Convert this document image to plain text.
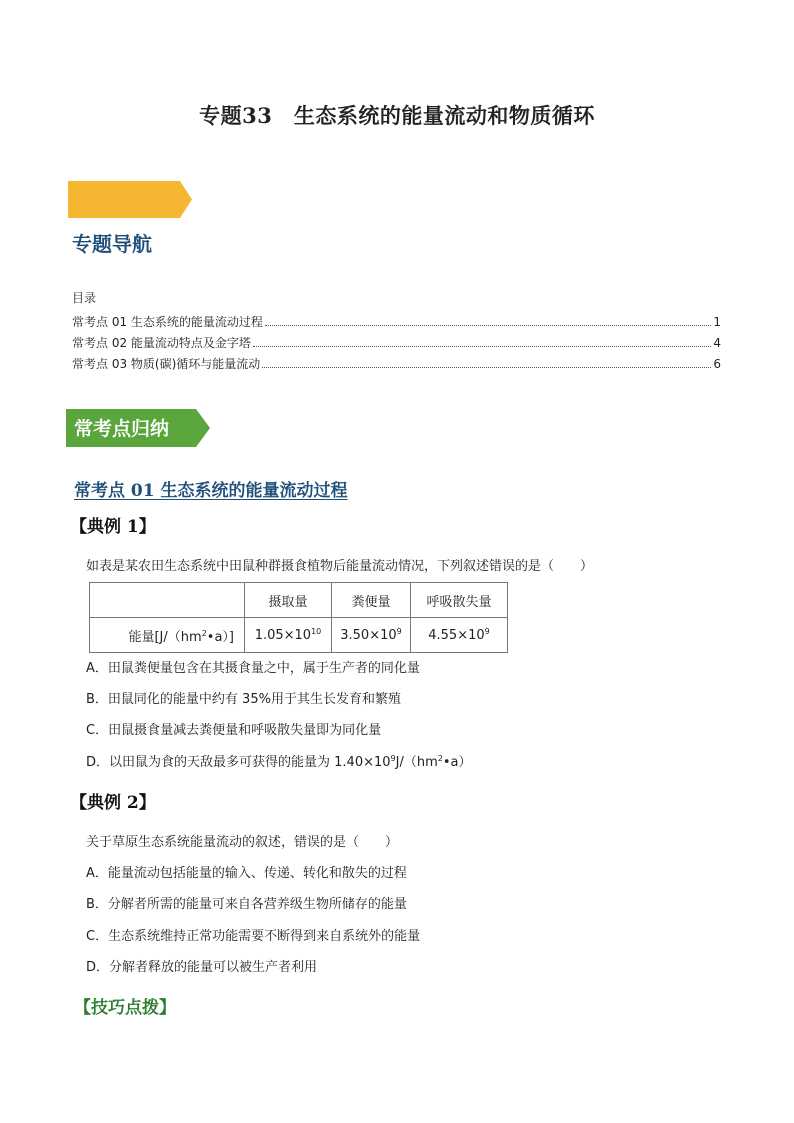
专题33　生态系统的能量流动和物质循环
专题导航
目录
常考点 01 生态系统的能量流动过程	1
常考点 02 能量流动特点及金字塔	4
常考点 03 物质(碳)循环与能量流动	6
常考点归纳
常考点 01 生态系统的能量流动过程
【典例 1】
如表是某农田生态系统中田鼠种群摄食植物后能量流动情况，下列叙述错误的是（　　）
	摄取量	粪便量	呼吸散失量
能量$[J/(hm^2•a)]$	$1.05\times 10^{10}$	$3.50\times 10^9$	$4.55\times 10^9$
A．田鼠粪便量包含在其摄食量之中，属于生产者的同化量
B．田鼠同化的能量中约有 35%用于其生长发育和繁殖
C．田鼠摄食量减去粪便量和呼吸散失量即为同化量
D．以田鼠为食的天敌最多可获得的能量为 $1.40\times 10^9J/(hm^2•a)$
【典例 2】
关于草原生态系统能量流动的叙述，错误的是（　　）
A．能量流动包括能量的输入、传递、转化和散失的过程
B．分解者所需的能量可来自各营养级生物所储存的能量
C．生态系统维持正常功能需要不断得到来自系统外的能量
D．分解者释放的能量可以被生产者利用
【技巧点拨】
